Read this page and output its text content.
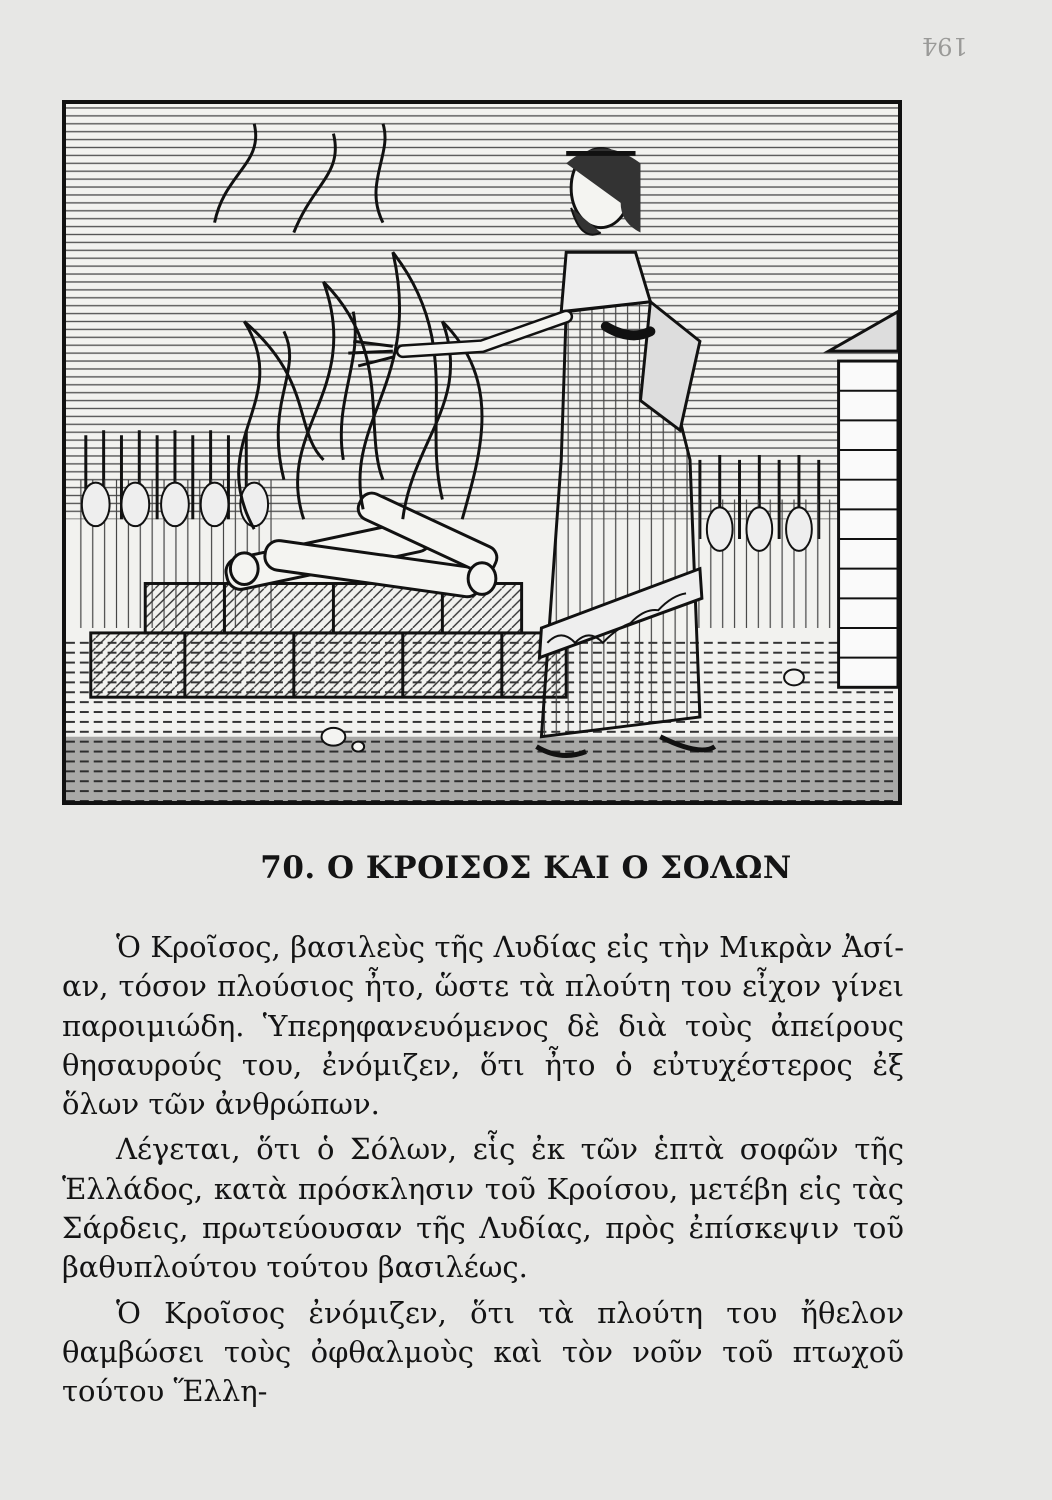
194
70. Ο ΚΡΟΙΣΟΣ ΚΑΙ Ο ΣΟΛΩΝ

Ὁ Κροῖσος, βασιλεὺς τῆς Λυδίας εἰς τὴν Μικρὰν Ἀσίαν, τόσον πλούσιος ἦτο, ὥστε τὰ πλούτη του εἶχον γίνει παροιμιώδη. Ὑπερηφανευόμενος δὲ διὰ τοὺς ἀπείρους θησαυρούς του, ἐνόμιζεν, ὅτι ἦτο ὁ εὐτυχέστερος ἐξ ὅλων τῶν ἀνθρώπων.

Λέγεται, ὅτι ὁ Σόλων, εἷς ἐκ τῶν ἑπτὰ σοφῶν τῆς Ἑλλάδος, κατὰ πρόσκλησιν τοῦ Κροίσου, μετέβη εἰς τὰς Σάρδεις, πρωτεύουσαν τῆς Λυδίας, πρὸς ἐπίσκεψιν τοῦ βαθυπλούτου τούτου βασιλέως.

Ὁ Κροῖσος ἐνόμιζεν, ὅτι τὰ πλούτη του ἤθελον θαμβώσει τοὺς ὀφθαλμοὺς καὶ τὸν νοῦν τοῦ πτωχοῦ τούτου Ἕλλη-
